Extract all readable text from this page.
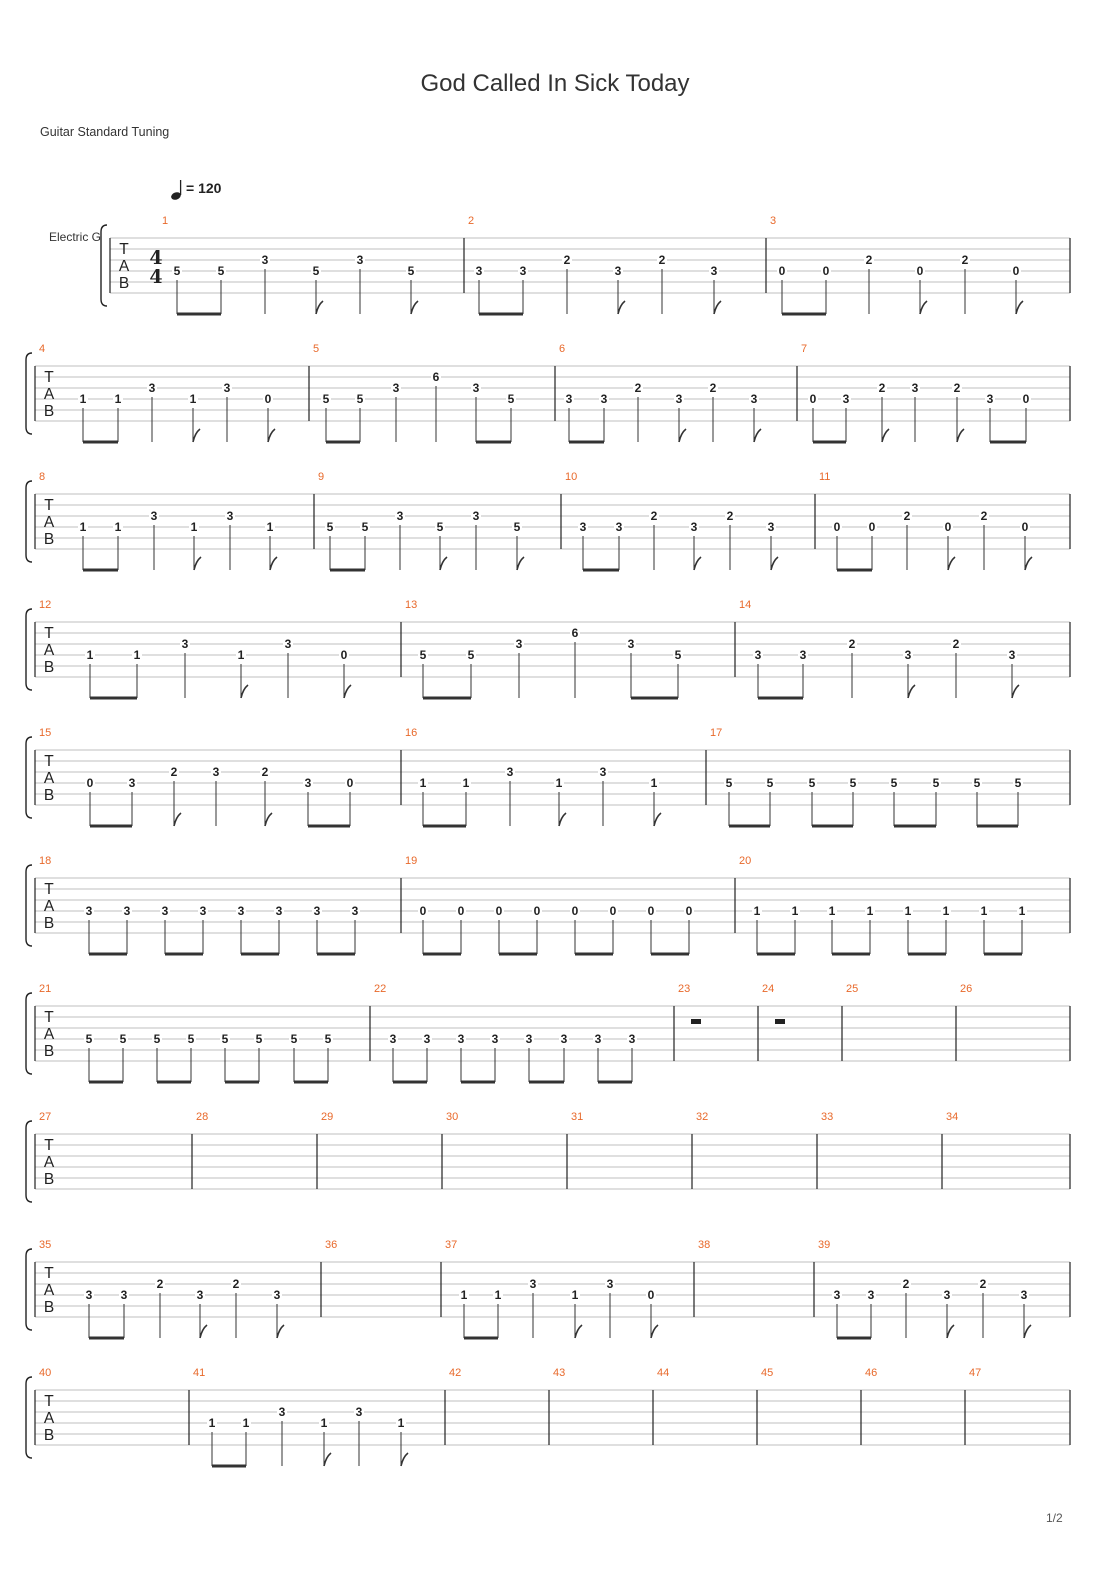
God Called In Sick Today
Guitar Standard Tuning
= 120
Electric G
T
A
B
4
4
1
5	5
3
5
3
5
2
3	3
2
3
2
3
3
0	0
2
0
2
0
T
A
B
4
1 1
3
1
3
0
5
5 5
3
6
3
5
6
3 3
2
3
2
3
7
0 3
2 3	2
3 0
T
A
B
8
1 1
3
1
3
1
9
5 5
3
5
3
5
10
3 3
2
3
2
3
11
0 0
2
0
2
0
T
A
B
12
1	1
3
1
3
0
13
5	5
3
6
3
5
14
3	3
2
3
2
3
T
A
B
15
0	3
2	3	2
3	0
16
1	1
3
1
3
1
17
5	5	5	5	5	5	5	5
T
A
B
18
3	3	3	3	3	3	3	3
19
0	0	0	0	0	0	0	0
20
1	1	1	1	1	1	1	1
T
A
B
21
5 5 5 5 5 5 5 5
22
3 3 3 3 3 3 3 3
23	24	25	26
T
A
B
27	28	29	30	31	32	33	34
T
A
B
35
3 3
2
3
2
3
36	37
1 1
3
1
3
0
38	39
3 3
2
3
2
3
T
A
B
40	41
1 1
3
1
3
1
42	43	44	45	46	47
1/2
